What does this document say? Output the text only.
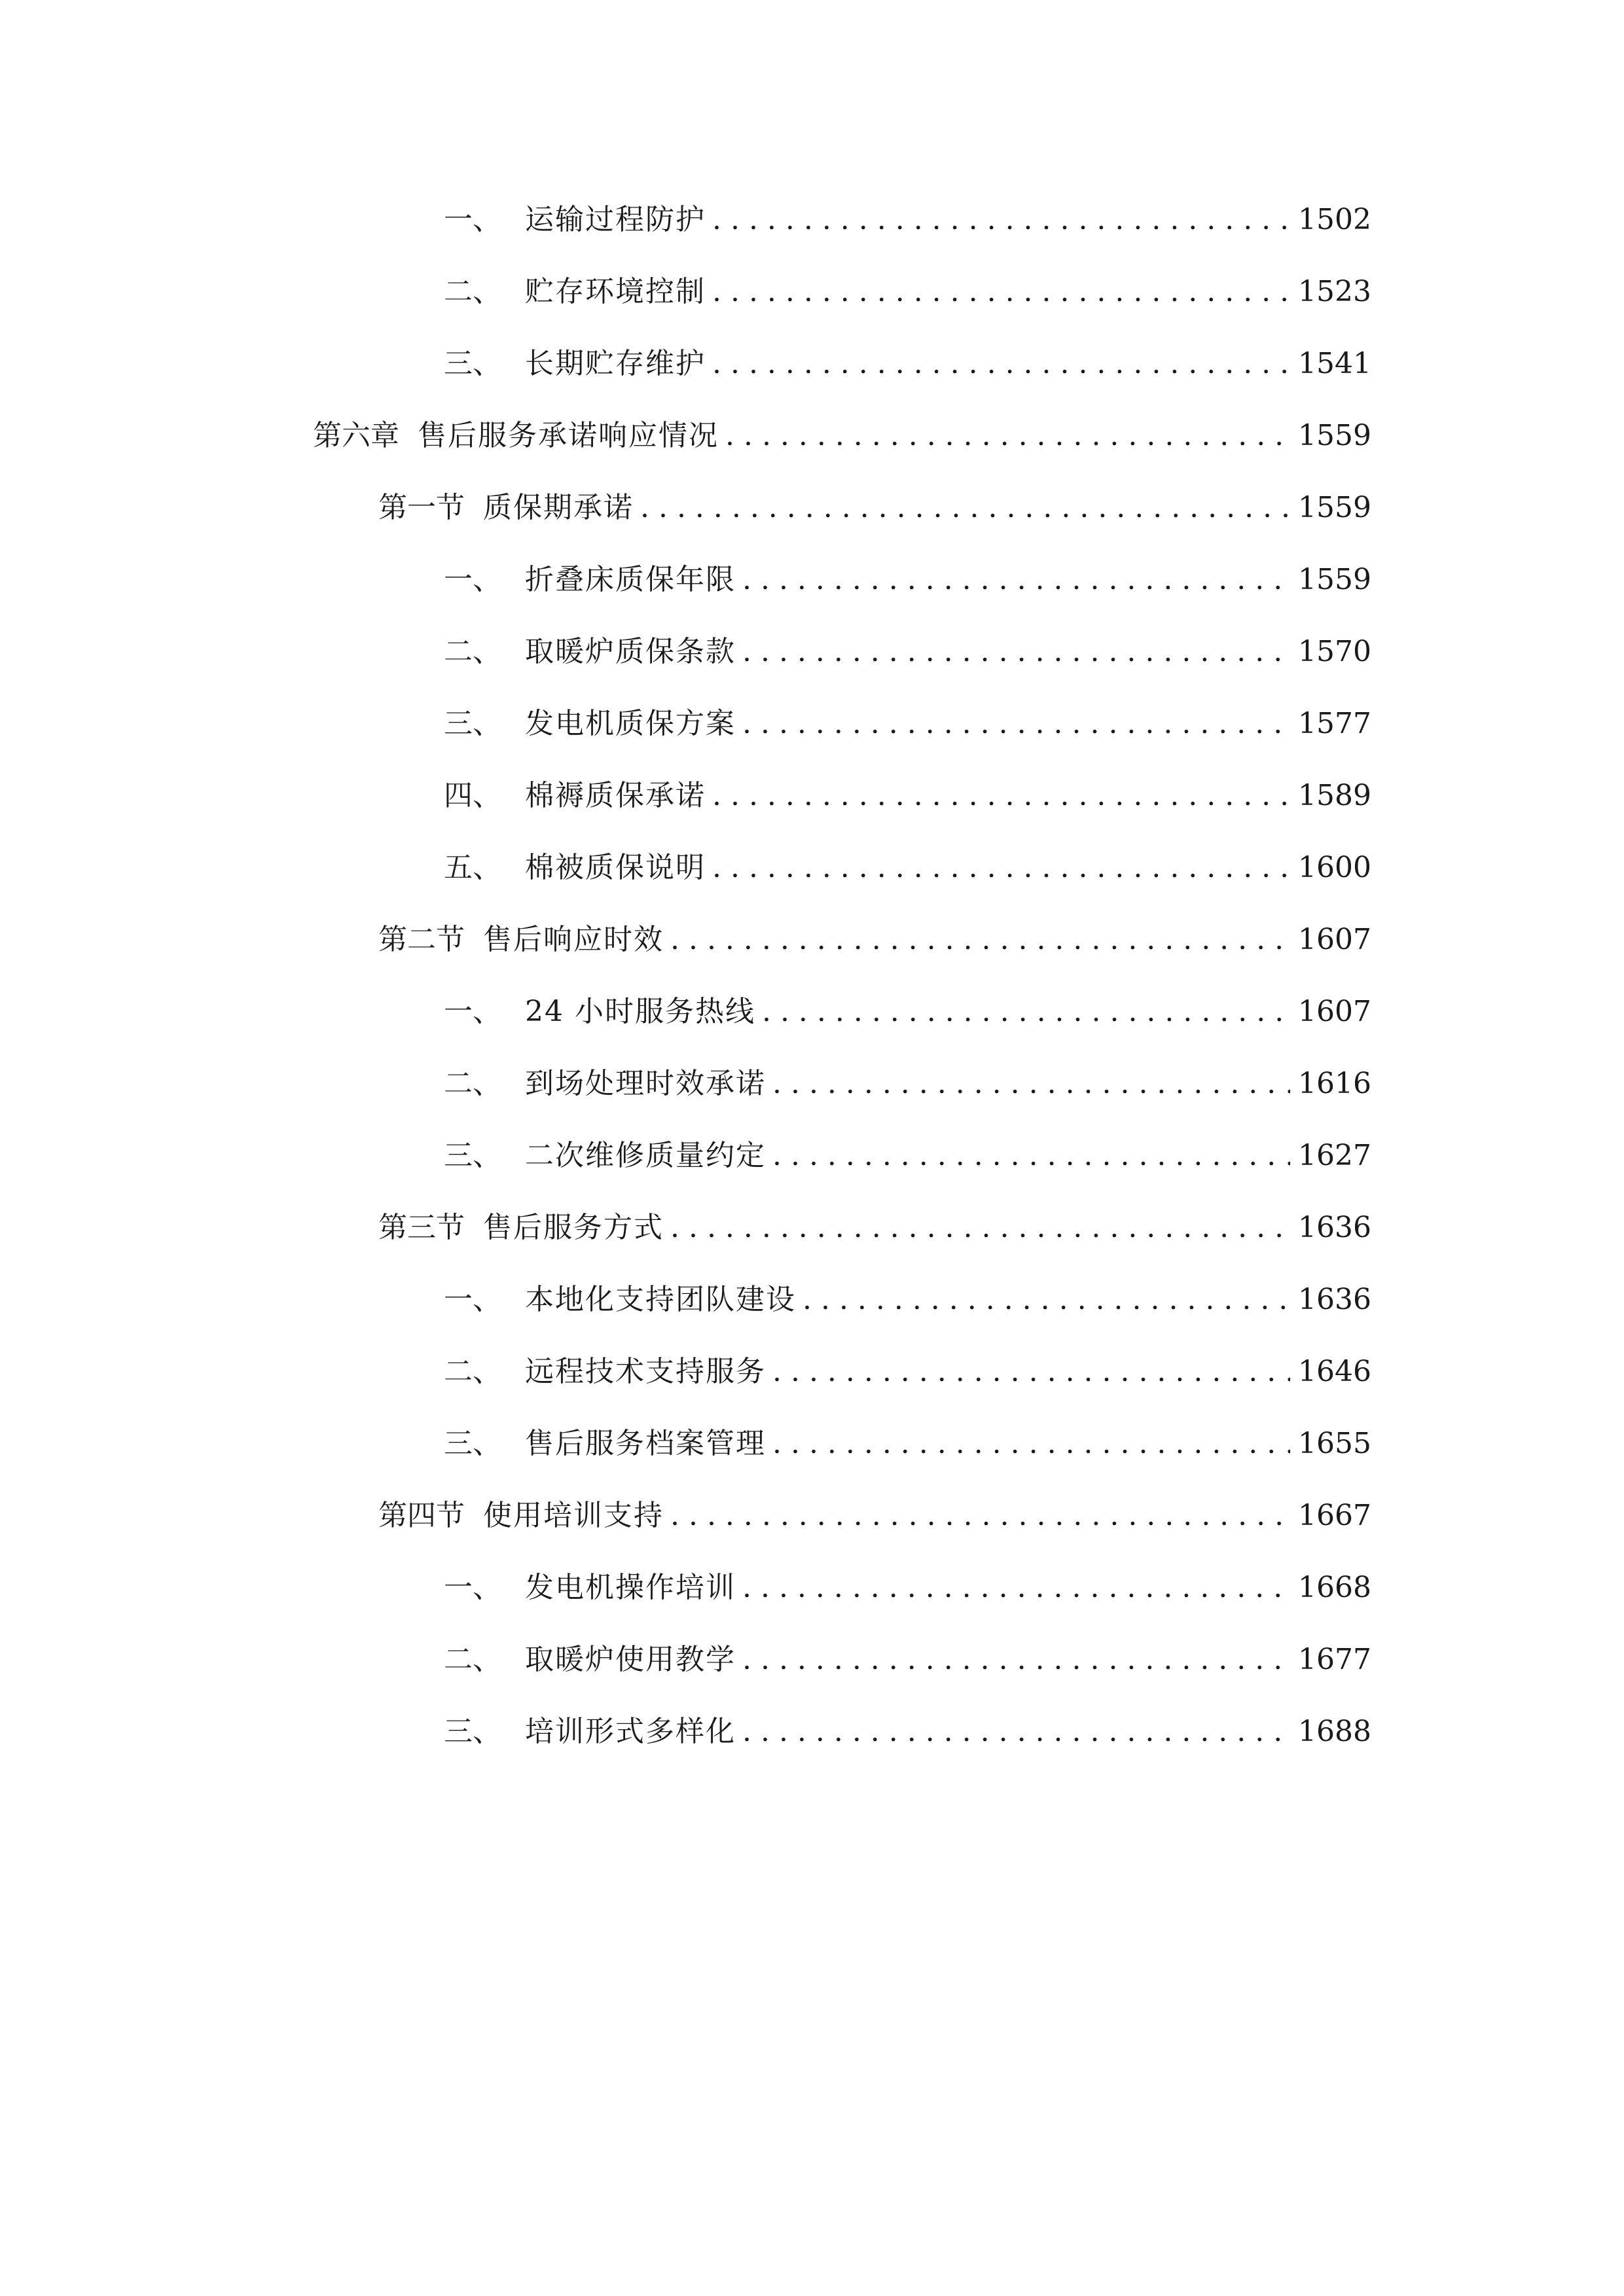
一、 运输过程防护 . . .	1502
二、 贮存环境控制 . . .	1523
三、 长期贮存维护 . . .	1541
第六章 售后服务承诺响应情况 . . .	1559
第一节 质保期承诺 . . .	1559
一、 折叠床质保年限 . . .	1559
二、 取暖炉质保条款 . . .	1570
三、 发电机质保方案 . . .	1577
四、 棉褥质保承诺 . . .	1589
五、 棉被质保说明 . . .	1600
第二节 售后响应时效 . . .	1607
一、 24 小时服务热线 . . .	1607
二、 到场处理时效承诺 . . .	1616
三、 二次维修质量约定 . . .	1627
第三节 售后服务方式 . . .	1636
一、 本地化支持团队建设 . . .	1636
二、 远程技术支持服务 . . .	1646
三、 售后服务档案管理 . . .	1655
第四节 使用培训支持 . . .	1667
一、 发电机操作培训 . . .	1668
二、 取暖炉使用教学 . . .	1677
三、 培训形式多样化 . . .	1688
